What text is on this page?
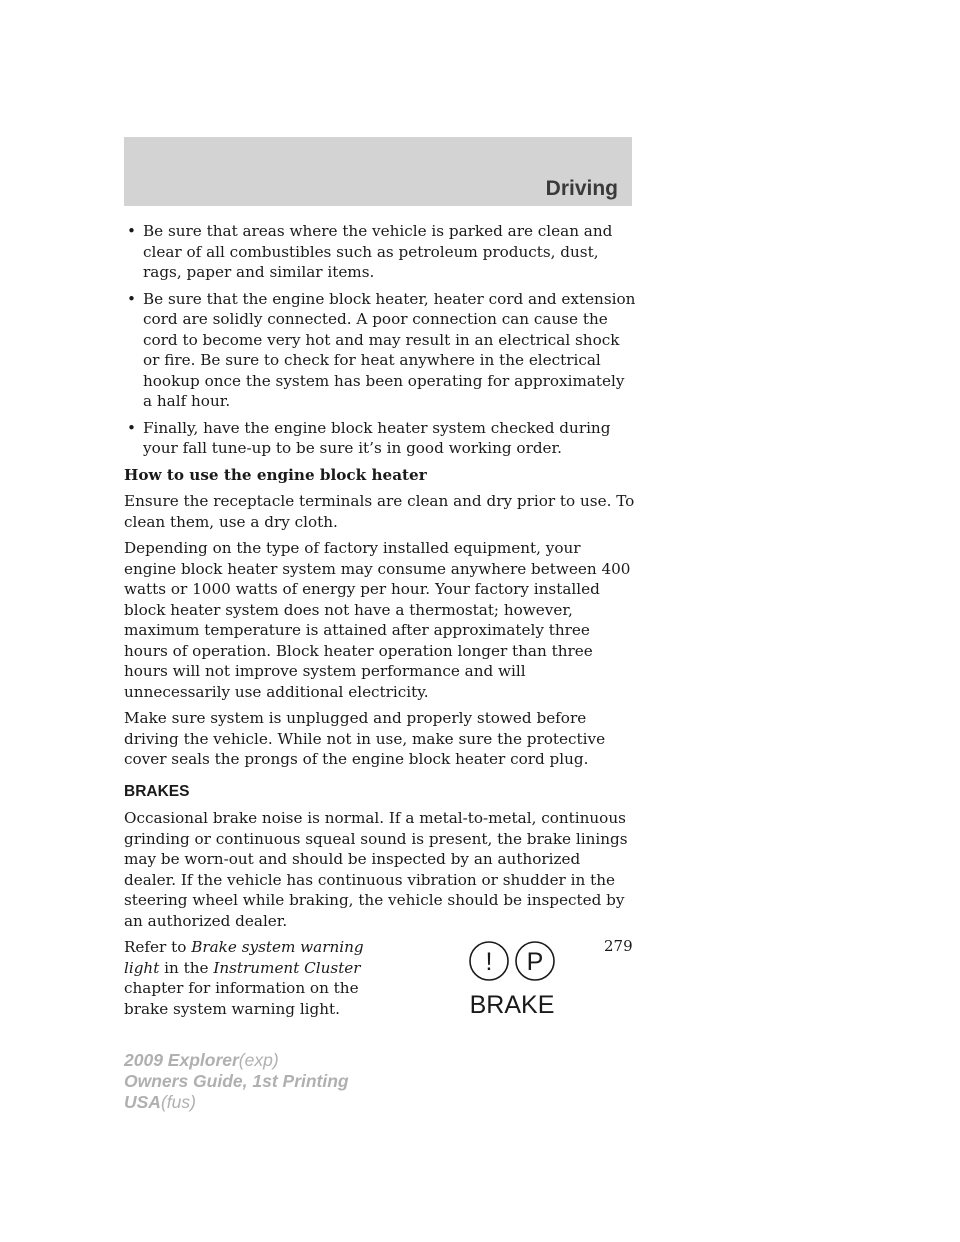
Driving
• Be sure that areas where the vehicle is parked are clean and clear of all combustibles such as petroleum products, dust, rags, paper and similar items.
• Be sure that the engine block heater, heater cord and extension cord are solidly connected. A poor connection can cause the cord to become very hot and may result in an electrical shock or fire. Be sure to check for heat anywhere in the electrical hookup once the system has been operating for approximately a half hour.
• Finally, have the engine block heater system checked during your fall tune-up to be sure it’s in good working order.
How to use the engine block heater

Ensure the receptacle terminals are clean and dry prior to use. To clean them, use a dry cloth.

Depending on the type of factory installed equipment, your engine block heater system may consume anywhere between 400 watts or 1000 watts of energy per hour. Your factory installed block heater system does not have a thermostat; however, maximum temperature is attained after approximately three hours of operation. Block heater operation longer than three hours will not improve system performance and will unnecessarily use additional electricity.

Make sure system is unplugged and properly stowed before driving the vehicle. While not in use, make sure the protective cover seals the prongs of the engine block heater cord plug.

BRAKES

Occasional brake noise is normal. If a metal-to-metal, continuous grinding or continuous squeal sound is present, the brake linings may be worn-out and should be inspected by an authorized dealer. If the vehicle has continuous vibration or shudder in the steering wheel while braking, the vehicle should be inspected by an authorized dealer.

Refer to Brake system warning light in the Instrument Cluster chapter for information on the brake system warning light.
! P
BRAKE
279
2009 Explorer(exp)
Owners Guide, 1st Printing
USA(fus)
